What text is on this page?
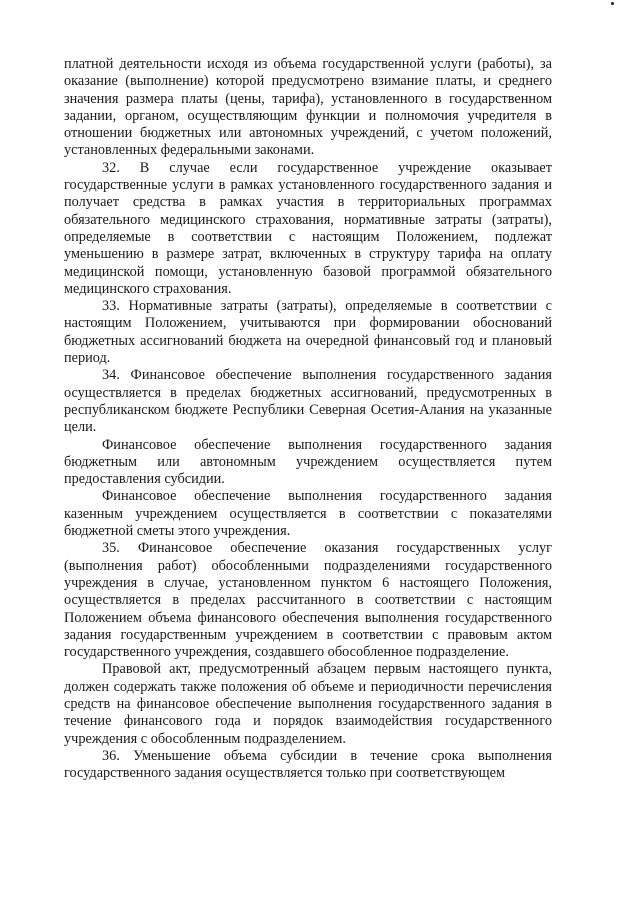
платной деятельности исходя из объема государственной услуги (работы), за оказание (выполнение) которой предусмотрено взимание платы, и среднего значения размера платы (цены, тарифа), установленного в государственном задании, органом, осуществляющим функции и полномочия учредителя в отношении бюджетных или автономных учреждений, с учетом положений, установленных федеральными законами.

32. В случае если государственное учреждение оказывает государственные услуги в рамках установленного государственного задания и получает средства в рамках участия в территориальных программах обязательного медицинского страхования, нормативные затраты (затраты), определяемые в соответствии с настоящим Положением, подлежат уменьшению в размере затрат, включенных в структуру тарифа на оплату медицинской помощи, установленную базовой программой обязательного медицинского страхования.

33. Нормативные затраты (затраты), определяемые в соответствии с настоящим Положением, учитываются при формировании обоснований бюджетных ассигнований бюджета на очередной финансовый год и плановый период.

34. Финансовое обеспечение выполнения государственного задания осуществляется в пределах бюджетных ассигнований, предусмотренных в республиканском бюджете Республики Северная Осетия-Алания на указанные цели.

Финансовое обеспечение выполнения государственного задания бюджетным или автономным учреждением осуществляется путем предоставления субсидии.

Финансовое обеспечение выполнения государственного задания казенным учреждением осуществляется в соответствии с показателями бюджетной сметы этого учреждения.

35. Финансовое обеспечение оказания государственных услуг (выполнения работ) обособленными подразделениями государственного учреждения в случае, установленном пунктом 6 настоящего Положения, осуществляется в пределах рассчитанного в соответствии с настоящим Положением объема финансового обеспечения выполнения государственного задания государственным учреждением в соответствии с правовым актом государственного учреждения, создавшего обособленное подразделение.

Правовой акт, предусмотренный абзацем первым настоящего пункта, должен содержать также положения об объеме и периодичности перечисления средств на финансовое обеспечение выполнения государственного задания в течение финансового года и порядок взаимодействия государственного учреждения с обособленным подразделением.

36. Уменьшение объема субсидии в течение срока выполнения государственного задания осуществляется только при соответствующем
